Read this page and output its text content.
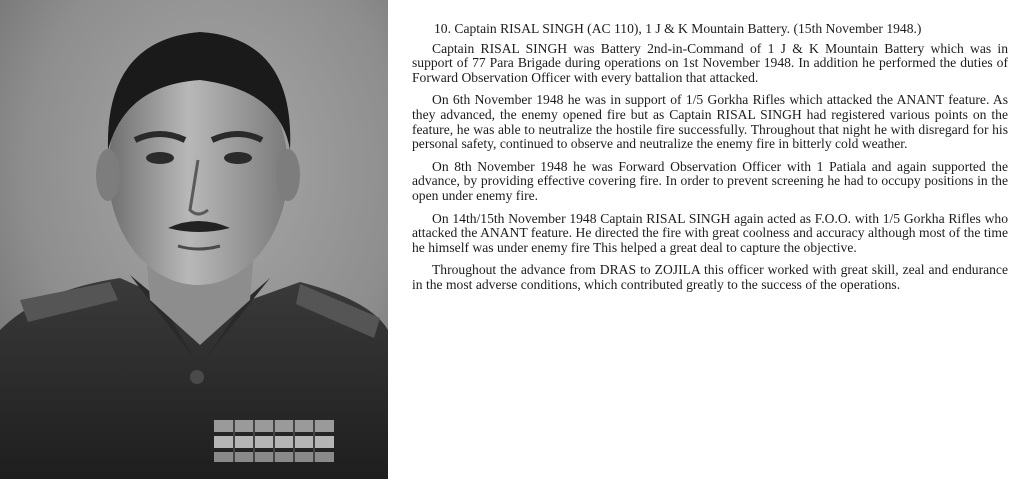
10. Captain RISAL SINGH (AC 110), 1 J & K Mountain Battery. (15th November 1948.)

Captain RISAL SINGH was Battery 2nd-in-Command of 1 J & K Mountain Battery which was in support of 77 Para Brigade during operations on 1st November 1948. In addition he performed the duties of Forward Observation Officer with every battalion that attacked.

On 6th November 1948 he was in support of 1/5 Gorkha Rifles which attacked the ANANT feature. As they advanced, the enemy opened fire but as Captain RISAL SINGH had registered various points on the feature, he was able to neutralize the hostile fire successfully. Throughout that night he with disregard for his personal safety, continued to observe and neutralize the enemy fire in bitterly cold weather.

On 8th November 1948 he was Forward Observation Officer with 1 Patiala and again supported the advance, by providing effective covering fire. In order to prevent screening he had to occupy positions in the open under enemy fire.

On 14th/15th November 1948 Captain RISAL SINGH again acted as F.O.O. with 1/5 Gorkha Rifles who attacked the ANANT feature. He directed the fire with great coolness and accuracy although most of the time he himself was under enemy fire This helped a great deal to capture the objective.

Throughout the advance from DRAS to ZOJILA this officer worked with great skill, zeal and endurance in the most adverse conditions, which contributed greatly to the success of the operations.
